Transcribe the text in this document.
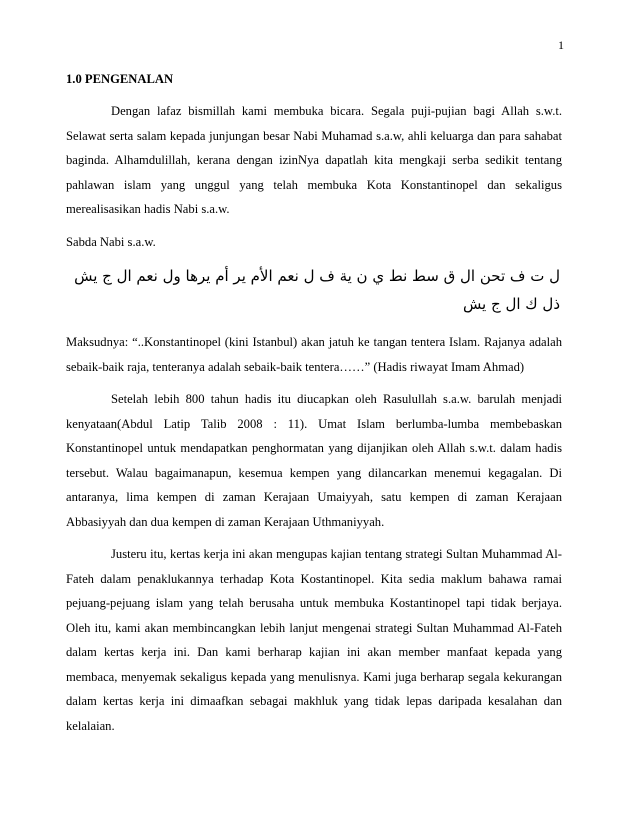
1
1.0 PENGENALAN

Dengan lafaz bismillah kami membuka bicara. Segala puji-pujian bagi Allah s.w.t. Selawat serta salam kepada junjungan besar Nabi Muhamad s.a.w, ahli keluarga dan para sahabat baginda. Alhamdulillah, kerana dengan izinNya dapatlah kita mengkaji serba sedikit tentang pahlawan islam yang unggul yang telah membuka Kota Konstantinopel dan sekaligus merealisasikan hadis Nabi s.a.w.

Sabda Nabi s.a.w.

ل ت ف تحن ال ق سط نط ي ن ية ف ل نعم الأم ير أم يرها ول نعم ال ج يش ذل ك ال ج يش

Maksudnya: “..Konstantinopel (kini Istanbul) akan jatuh ke tangan tentera Islam. Rajanya adalah sebaik-baik raja, tenteranya adalah sebaik-baik tentera……” (Hadis riwayat Imam Ahmad)

Setelah lebih 800 tahun hadis itu diucapkan oleh Rasulullah s.a.w. barulah menjadi kenyataan(Abdul Latip Talib 2008 : 11). Umat Islam berlumba-lumba membebaskan Konstantinopel untuk mendapatkan penghormatan yang dijanjikan oleh Allah s.w.t. dalam hadis tersebut. Walau bagaimanapun, kesemua kempen yang dilancarkan menemui kegagalan. Di antaranya, lima kempen di zaman Kerajaan Umaiyyah, satu kempen di zaman Kerajaan Abbasiyyah dan dua kempen di zaman Kerajaan Uthmaniyyah.

Justeru itu, kertas kerja ini akan mengupas kajian tentang strategi Sultan Muhammad Al-Fateh dalam penaklukannya terhadap Kota Kostantinopel. Kita sedia maklum bahawa ramai pejuang-pejuang islam yang telah berusaha untuk membuka Kostantinopel tapi tidak berjaya. Oleh itu, kami akan membincangkan lebih lanjut mengenai strategi Sultan Muhammad Al-Fateh dalam kertas kerja ini. Dan kami berharap kajian ini akan member manfaat kepada yang membaca, menyemak sekaligus kepada yang menulisnya. Kami juga berharap segala kekurangan dalam kertas kerja ini dimaafkan sebagai makhluk yang tidak lepas daripada kesalahan dan kelalaian.
